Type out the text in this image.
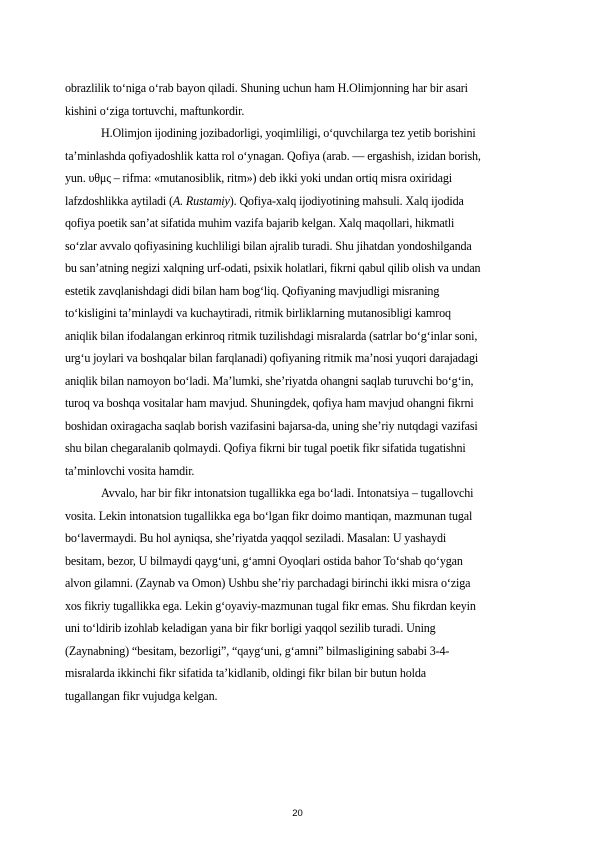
obrazlilik to‘niga o‘rab bayon qiladi. Shuning uchun ham H.Olimjonning har bir asari
kishini o‘ziga tortuvchi, maftunkordir.
H.Olimjon ijodining jozibadorligi, yoqimliligi, o‘quvchilarga tez yetib borishini
ta’minlashda qofiyadoshlik katta rol o‘ynagan. Qofiya (arab. — ergashish, izidan borish,
yun. υθμς – rifma: «mutanosiblik, ritm») deb ikki yoki undan ortiq misra oxiridagi
lafzdoshlikka aytiladi (A. Rustamiy). Qofiya-xalq ijodiyotining mahsuli. Xalq ijodida
qofiya poetik san’at sifatida muhim vazifa bajarib kelgan. Xalq maqollari, hikmatli
so‘zlar avvalo qofiyasining kuchliligi bilan ajralib turadi. Shu jihatdan yondoshilganda
bu san’atning negizi xalqning urf-odati, psixik holatlari, fikrni qabul qilib olish va undan
estetik zavqlanishdagi didi bilan ham bog‘liq. Qofiyaning mavjudligi misraning
to‘kisligini ta’minlaydi va kuchaytiradi, ritmik birliklarning mutanosibligi kamroq
aniqlik bilan ifodalangan erkinroq ritmik tuzilishdagi misralarda (satrlar bo‘g‘inlar soni,
urg‘u joylari va boshqalar bilan farqlanadi) qofiyaning ritmik ma’nosi yuqori darajadagi
aniqlik bilan namoyon bo‘ladi. Ma’lumki, she’riyatda ohangni saqlab turuvchi bo‘g‘in,
turoq va boshqa vositalar ham mavjud. Shuningdek, qofiya ham mavjud ohangni fikrni
boshidan oxiragacha saqlab borish vazifasini bajarsa-da, uning she’riy nutqdagi vazifasi
shu bilan chegaralanib qolmaydi. Qofiya fikrni bir tugal poetik fikr sifatida tugatishni
ta’minlovchi vosita hamdir.
Avvalo, har bir fikr intonatsion tugallikka ega bo‘ladi. Intonatsiya – tugallovchi
vosita. Lekin intonatsion tugallikka ega bo‘lgan fikr doimo mantiqan, mazmunan tugal
bo‘lavermaydi. Bu hol ayniqsa, she’riyatda yaqqol seziladi. Masalan: U yashaydi
besitam, bezor, U bilmaydi qayg‘uni, g‘amni Oyoqlari ostida bahor To‘shab qo‘ygan
alvon gilamni. (Zaynab va Omon) Ushbu she’riy parchadagi birinchi ikki misra o‘ziga
xos fikriy tugallikka ega. Lekin g‘oyaviy-mazmunan tugal fikr emas. Shu fikrdan keyin
uni to‘ldirib izohlab keladigan yana bir fikr borligi yaqqol sezilib turadi. Uning
(Zaynabning) “besitam, bezorligi”, “qayg‘uni, g‘amni” bilmasligining sababi 3-4-
misralarda ikkinchi fikr sifatida ta’kidlanib, oldingi fikr bilan bir butun holda
tugallangan fikr vujudga kelgan.
20
